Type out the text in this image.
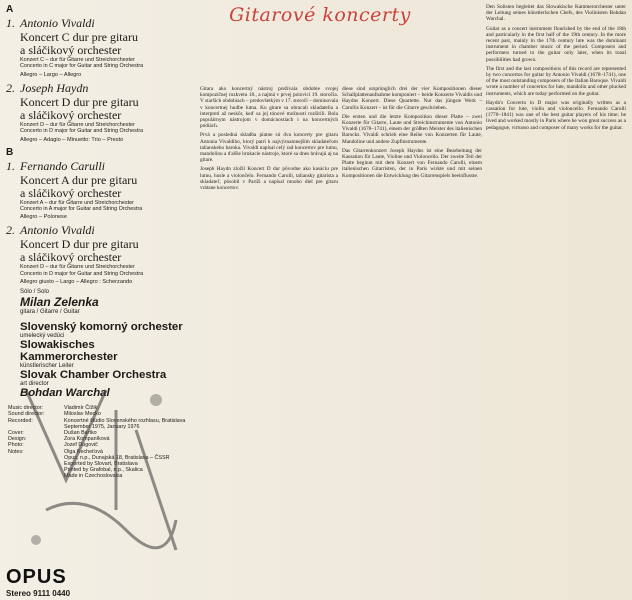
A
1. Antonio Vivaldi
Koncert C dur pre gitaru
a sláčikový orchester
Konzert C – dur für Gitarre und Streichorchester
Concerto in C major for Guitar and String Orchestra
Allegro – Largo – Allegro
2. Joseph Haydn
Koncert D dur pre gitaru
a sláčikový orchester
Konzert D – dur für Gitarre und Streichorchester
Concerto in D major for Guitar and String Orchestra
Allegro – Adagio – Minuetto: Trio – Presto
B
1. Fernando Carulli
Koncert A dur pre gitaru
a sláčikový orchester
Konzert A – dur für Gitarre und Streichorchester
Concerto in A major for Guitar and String Orchestra
Allegro – Polonese
2. Antonio Vivaldi
Koncert D dur pre gitaru
a sláčikový orchester
Konzert D – dur für Gitarre und Streichorchester
Concerto in D major for Guitar and String Orchestra
Allegro giusto – Largo – Allegro : Scherzando
Sólo / Solo
Milan Zelenka
gitara / Gitarre / Guitar
Slovenský komorný orchester
umelecký vedúci
Slowakisches Kammerorchester
künstlerischer Leiter
Slovak Chamber Orchestra
art director
Bohdan Warchal
Music director:	Vladimír Čížik
Sound director:	Miloslav Mecko
Recorded:	Koncertné štúdio Slovenského rozhlasu, Bratislava
September 1975, January 1976
Cover:	Dušan Bartko
Design:	Zora Kompaníková
Photo:	Jozef Dugovič
Notes:	Olga Kecheťová
Opus, n.p., Dunajská 18, Bratislava – ČSSR
Exported by Slovart, Bratislava
Printed by Grafobal, n.p., Skalica
Made in Czechoslovakia
OPUS
Stereo 9111 0440
Gitarové koncerty

Gitara ako koncertný nástroj prežívala obdobie svojej kompozičnej rozkvetu 18., a najmä v prvej polovici 19. storočia. V starších obdobiach – predovšetkým v 17. storočí – dominovala v koncertnej hudbe lutna. Ku gitare sa obracali skladatelia a interpreti až neskôr, keď sa jej tónové možnosti rozšírili. Bola populárnym nástrojom v domácnostiach i na koncertných pódiách.

Prvá a posledná skladba platne sú dva koncerty pre gitaru Antonia Vivaldiho, ktorý patrí k najvýznamnejším skladateľom talianskeho baroka. Vivaldi napísal celý rad koncertov pre lutnu, mandolínu a ďalšie brnkacie nástroje, ktoré sa dnes hrávajú aj na gitare.

Joseph Haydn zložil Koncert D dur pôvodne ako kasáciu pre lutnu, husle a violončelo. Fernando Carulli, taliansky gitarista a skladateľ, pôsobil v Paríži a napísal mnoho diel pre gitaru vrátane koncertov.

diese sind ursprünglich drei der vier Kompositionen dieser Schallplattenaufnahme komponiert – beide Konzerte Vivaldis und Haydns Konzert. Diese Quartette. Nur das jüngste Werk – Carullis Konzert – ist für die Gitarre geschrieben.

Die ersten und die letzte Komposition dieser Platte – zwei Konzerte für Gitarre, Laute und Streichinstrumente von Antonio Vivaldi (1678–1741), einem der größten Meister des italienischen Barocks. Vivaldi schrieb eine Reihe von Konzerten für Laute, Mandoline und andere Zupfinstrumente.

Das Gitarrenkonzert Joseph Haydns ist eine Bearbeitung der Kassation für Laute, Violine und Violoncello. Der zweite Teil der Platte beginnt mit dem Konzert von Fernando Carulli, einem italienischen Gitarristen, der in Paris wirkte und mit seinen Kompositionen die Entwicklung des Gitarrenspiels beeinflusste.

Den Solisten begleitet das Slowakische Kammerorchester unter der Leitung seines künstlerischen Chefs, des Violinisten Bohdan Warchal.

Guitar as a concert instrument flourished by the end of the 18th and particularly in the first half of the 19th century. In the more recent past, mainly in the 17th century lute was the dominant instrument in chamber music of the period. Composers and performers turned to the guitar only later, when its tonal possibilities had grown.

The first and the last compositions of this record are represented by two concertos for guitar by Antonio Vivaldi (1678–1741), one of the most outstanding composers of the Italian Baroque. Vivaldi wrote a number of concertos for lute, mandolin and other plucked instruments, which are today performed on the guitar.

Haydn's Concerto in D major was originally written as a cassation for lute, violin and violoncello. Fernando Carulli (1770–1841) was one of the best guitar players of his time; he lived and worked mostly in Paris where he won great success as a pedagogue, virtuoso and composer of many works for the guitar.
